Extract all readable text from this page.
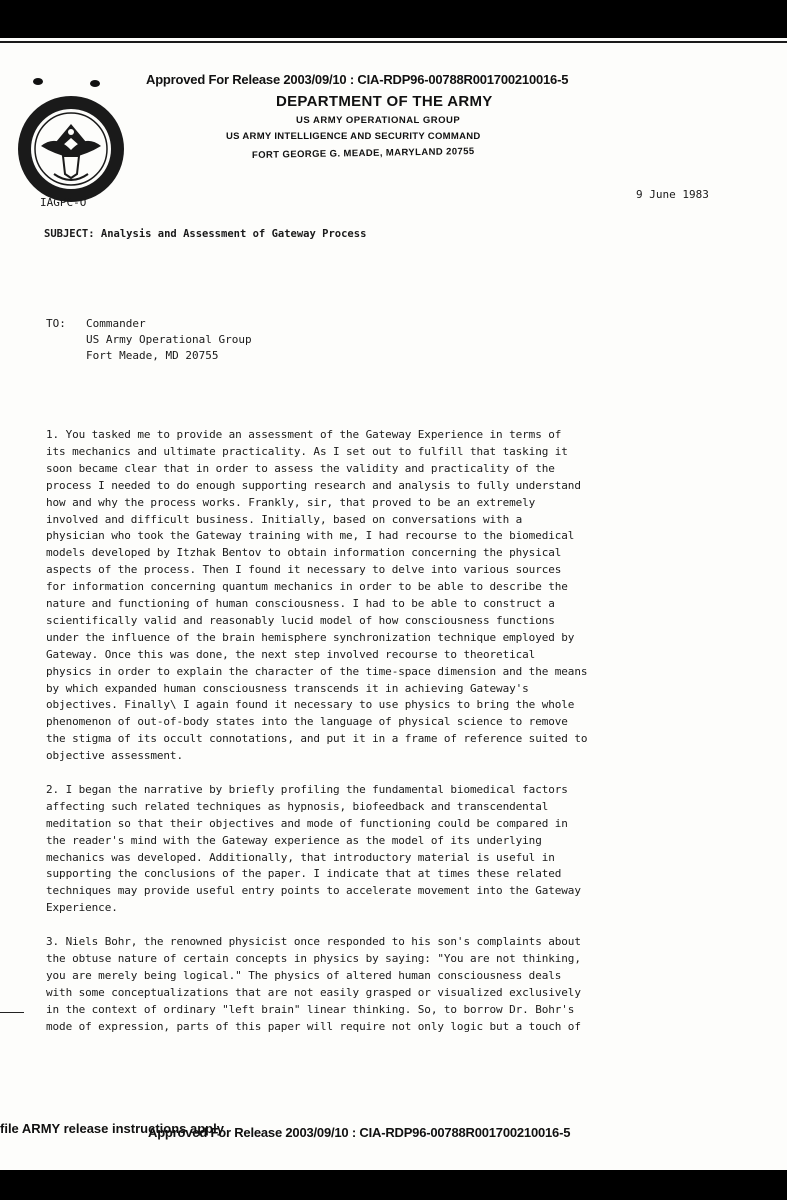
Approved For Release 2003/09/10 : CIA-RDP96-00788R001700210016-5
DEPARTMENT OF THE ARMY
US ARMY OPERATIONAL GROUP
US ARMY INTELLIGENCE AND SECURITY COMMAND
FORT GEORGE G. MEADE, MARYLAND 20755
IAGPC-O
9 June 1983
SUBJECT: Analysis and Assessment of Gateway Process
TO: Commander
US Army Operational Group
Fort Meade, MD 20755
1. You tasked me to provide an assessment of the Gateway Experience in terms of
its mechanics and ultimate practicality. As I set out to fulfill that tasking it
soon became clear that in order to assess the validity and practicality of the
process I needed to do enough supporting research and analysis to fully understand
how and why the process works. Frankly, sir, that proved to be an extremely
involved and difficult business. Initially, based on conversations with a
physician who took the Gateway training with me, I had recourse to the biomedical
models developed by Itzhak Bentov to obtain information concerning the physical
aspects of the process. Then I found it necessary to delve into various sources
for information concerning quantum mechanics in order to be able to describe the
nature and functioning of human consciousness. I had to be able to construct a
scientifically valid and reasonably lucid model of how consciousness functions
under the influence of the brain hemisphere synchronization technique employed by
Gateway. Once this was done, the next step involved recourse to theoretical
physics in order to explain the character of the time-space dimension and the means
by which expanded human consciousness transcends it in achieving Gateway's
objectives. Finally\ I again found it necessary to use physics to bring the whole
phenomenon of out-of-body states into the language of physical science to remove
the stigma of its occult connotations, and put it in a frame of reference suited to
objective assessment.
2. I began the narrative by briefly profiling the fundamental biomedical factors
affecting such related techniques as hypnosis, biofeedback and transcendental
meditation so that their objectives and mode of functioning could be compared in
the reader's mind with the Gateway experience as the model of its underlying
mechanics was developed. Additionally, that introductory material is useful in
supporting the conclusions of the paper. I indicate that at times these related
techniques may provide useful entry points to accelerate movement into the Gateway
Experience.
3. Niels Bohr, the renowned physicist once responded to his son's complaints about
the obtuse nature of certain concepts in physics by saying: "You are not thinking,
you are merely being logical." The physics of altered human consciousness deals
with some conceptualizations that are not easily grasped or visualized exclusively
in the context of ordinary "left brain" linear thinking. So, to borrow Dr. Bohr's
mode of expression, parts of this paper will require not only logic but a touch of
file ARMY release instructions apply
Approved For Release 2003/09/10 : CIA-RDP96-00788R001700210016-5
